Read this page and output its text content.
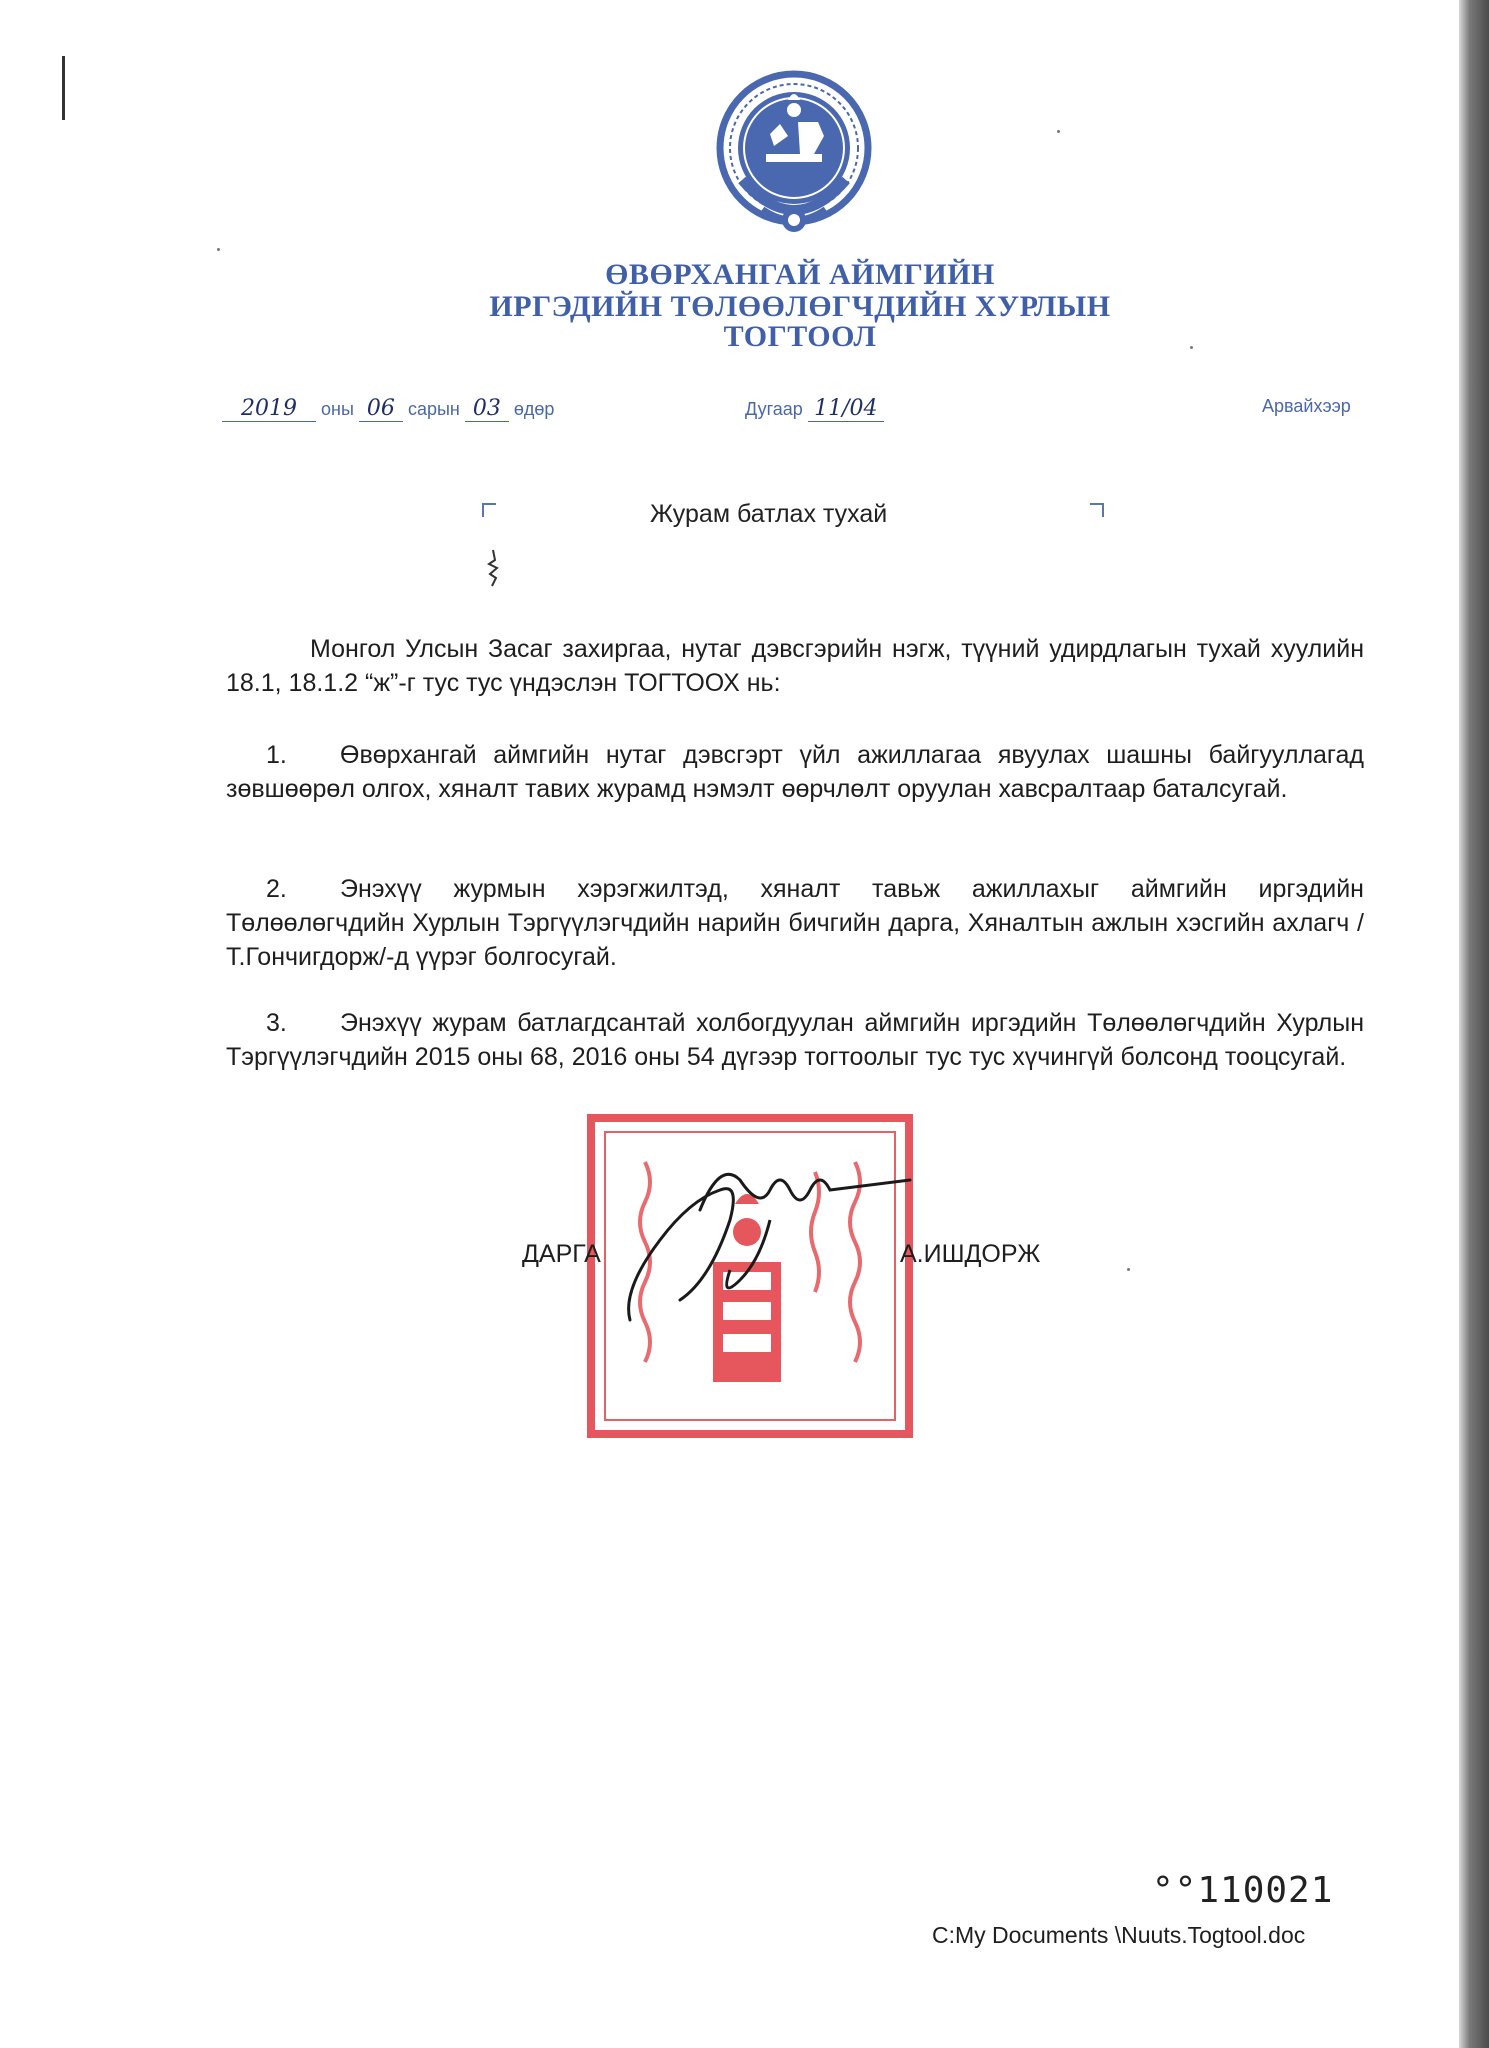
ӨВӨРХАНГАЙ АЙМГИЙН
ИРГЭДИЙН ТӨЛӨӨЛӨГЧДИЙН ХУРЛЫН
ТОГТООЛ
2019 оны 06 сарын 03 өдөр	Дугаар 11/04	Арвайхээр
Журам батлах тухай
Монгол Улсын Засаг захиргаа, нутаг дэвсгэрийн нэгж, түүний удирдлагын тухай хуулийн 18.1, 18.1.2 “ж”-г тус тус үндэслэн ТОГТООХ нь:
1. Өвөрхангай аймгийн нутаг дэвсгэрт үйл ажиллагаа явуулах шашны байгууллагад зөвшөөрөл олгох, хяналт тавих журамд нэмэлт өөрчлөлт оруулан хавсралтаар баталсугай.
2. Энэхүү журмын хэрэгжилтэд, хяналт тавьж ажиллахыг аймгийн иргэдийн Төлөөлөгчдийн Хурлын Тэргүүлэгчдийн нарийн бичгийн дарга, Хяналтын ажлын хэсгийн ахлагч /Т.Гончигдорж/-д үүрэг болгосугай.
3. Энэхүү журам батлагдсантай холбогдуулан аймгийн иргэдийн Төлөөлөгчдийн Хурлын Тэргүүлэгчдийн 2015 оны 68, 2016 оны 54 дүгээр тогтоолыг тус тус хүчингүй болсонд тооцсугай.
ДАРГА	А.ИШДОРЖ
°°110021
C:My Documents \Nuuts.Togtool.doc
